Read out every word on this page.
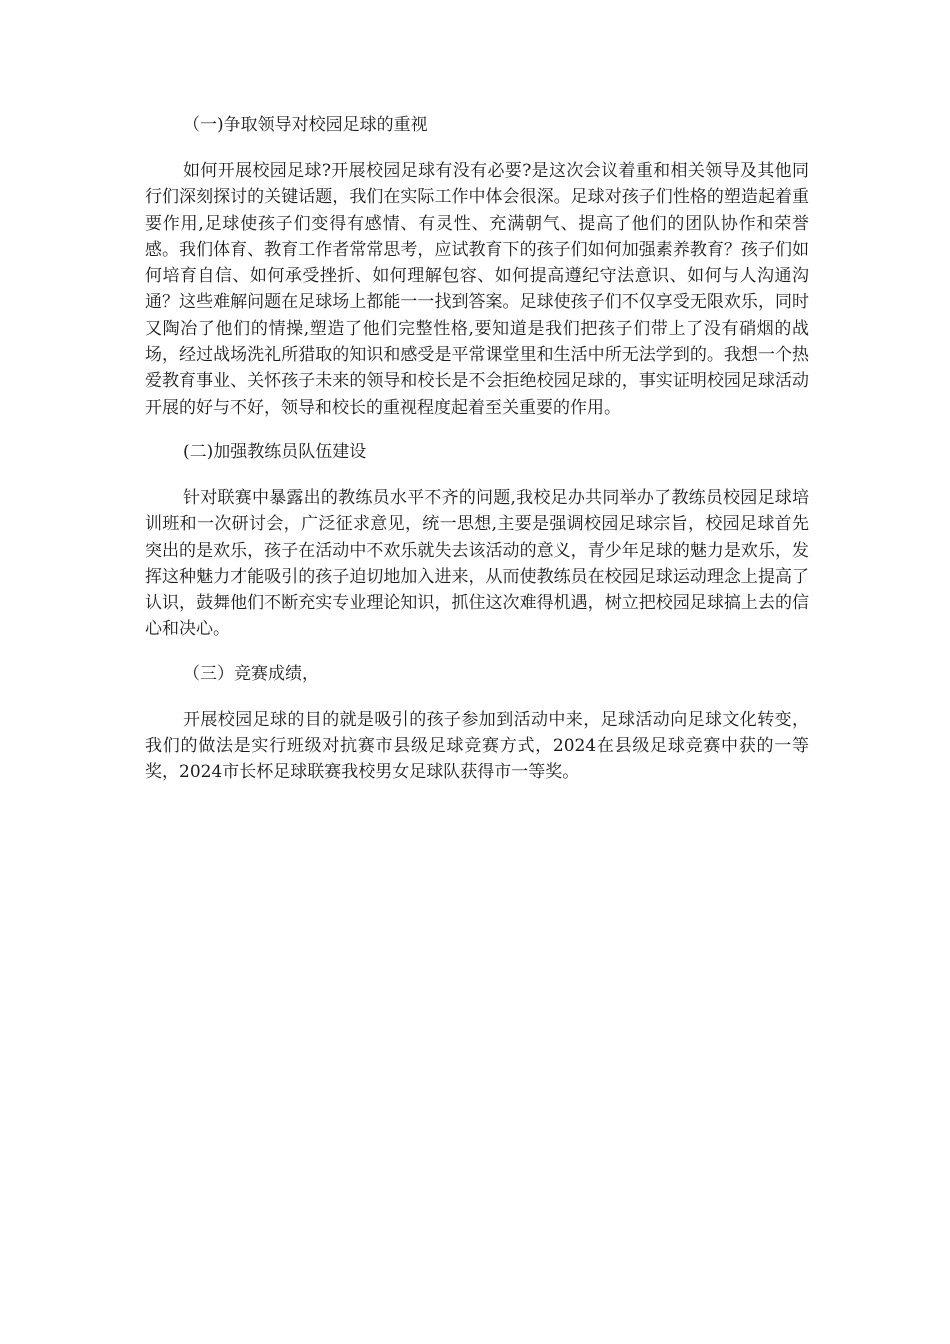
（一)争取领导对校园足球的重视

如何开展校园足球?开展校园足球有没有必要?是这次会议着重和相关领导及其他同行们深刻探讨的关键话题，我们在实际工作中体会很深。足球对孩子们性格的塑造起着重要作用,足球使孩子们变得有感情、有灵性、充满朝气、提高了他们的团队协作和荣誉感。我们体育、教育工作者常常思考，应试教育下的孩子们如何加强素养教育？孩子们如何培育自信、如何承受挫折、如何理解包容、如何提高遵纪守法意识、如何与人沟通沟通？这些难解问题在足球场上都能一一找到答案。足球使孩子们不仅享受无限欢乐，同时又陶冶了他们的情操,塑造了他们完整性格,要知道是我们把孩子们带上了没有硝烟的战场，经过战场洗礼所猎取的知识和感受是平常课堂里和生活中所无法学到的。我想一个热爱教育事业、关怀孩子未来的领导和校长是不会拒绝校园足球的，事实证明校园足球活动开展的好与不好，领导和校长的重视程度起着至关重要的作用。

(二)加强教练员队伍建设

针对联赛中暴露出的教练员水平不齐的问题,我校足办共同举办了教练员校园足球培训班和一次研讨会，广泛征求意见，统一思想,主要是强调校园足球宗旨，校园足球首先突出的是欢乐，孩子在活动中不欢乐就失去该活动的意义，青少年足球的魅力是欢乐，发挥这种魅力才能吸引的孩子迫切地加入进来，从而使教练员在校园足球运动理念上提高了认识，鼓舞他们不断充实专业理论知识，抓住这次难得机遇，树立把校园足球搞上去的信心和决心。

（三）竞赛成绩，

开展校园足球的目的就是吸引的孩子参加到活动中来，足球活动向足球文化转变，我们的做法是实行班级对抗赛市县级足球竞赛方式，2024在县级足球竞赛中获的一等奖，2024市长杯足球联赛我校男女足球队获得市一等奖。
